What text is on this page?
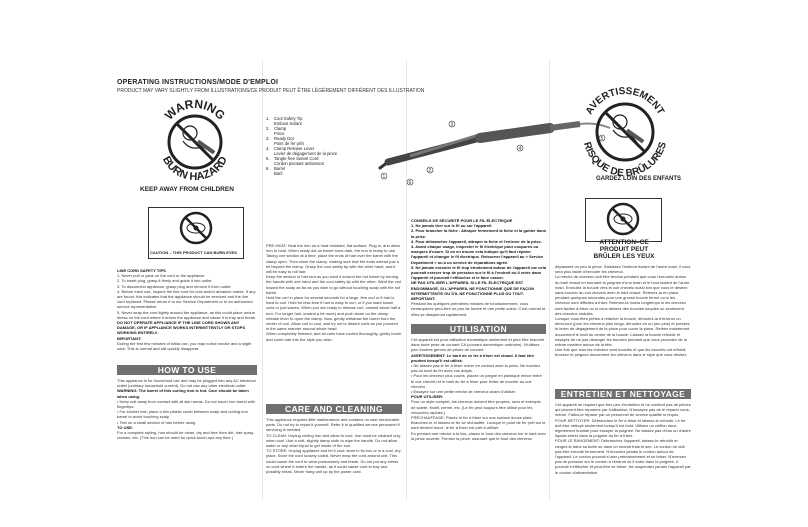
OPERATING INSTRUCTIONS/MODE D'EMPLOI
PRODUCT MAY VARY SLIGHTLY FROM ILLUSTRATIONS/CE PRODUIT PEUT ÊTRE LÉGÈREMENT DIFFÉRENT DES ILLUSTRATION
WARNING
BURN HAZARD
KEEP AWAY FROM CHILDREN
CAUTION – THIS PRODUCT CAN BURN EYES
LINE CORD SAFETY TIPS
1. Never pull or yank on the cord or the appliance.
2. To insert plug, grasp it firmly and guide it into outlet.
3. To disconnect appliance, grasp plug and remove it from outlet.
4. Before each use, inspect the line cord for cuts and/or abrasion marks. If any are found, this indicates that the appliance should be serviced and the line cord replaced. Please return it to our Service Department or to an authorized service representative.
5. Never wrap the cord tightly around the appliance, as this could place undue stress on the cord where it enters the appliance and cause it to fray and break.
DO NOT OPERATE APPLIANCE IF THE LINE CORD SHOWS ANY DAMAGE, OR IF APPLIANCE WORKS INTERMITTENTLY OR STOPS WORKING ENTIRELY.
IMPORTANT:
During the first few minutes of initial use, you may notice smoke and a slight odor. This is normal and will quickly disappear.
HOW TO USE
This appliance is for household use and may be plugged into any AC electrical outlet (ordinary household current). Do not use any other electrical outlet.
WARNING: The barrel of this curling iron is hot. Care should be taken when using.
• Keep unit away from contact with all skin areas. Do not touch iron barrel with fingertips.
• For shorter hair, place a thin plastic comb between scalp and curling iron barrel to avoid touching scalp.
• Test on a small section of hair before using.
TO USE:
For a complete styling, hair should be clean, dry and free from dirt, hair spray, creams, etc. (This iron can be used for quick touch-ups any time.)
1.	Cool Safety Tip
Embout isolant
2.	Clamp
Pince
3.	Ready Dot
Point de fer prêt
4.	Clamp Release Lever
Levier de dégagement de la pince
5.	Tangle-free Swivel Cord
Cordon pivotant antitorsion
6.	Barrel
Baril
1
2
3
4
5
6
PRE-HEAT: Heat the iron on a heat resistant, flat surface. Plug in, and allow iron to heat. When ready dot on barrel turns dark, the iron is ready to use.
Taking one section at a time, place the ends of hair over the barrel with the clamp open. Then close the clamp, making sure that the ends extend just a bit beyond the clamp. Grasp the cool safety tip with the other hand, and it will be easy to roll hair.
Keep the section of hair taut as you wind it around the hot barrel by turning the handle with one hand and the cool safety tip with the other. Wind the curl toward the scalp as far as you wish to go without touching scalp with the hot barrel.
Hold the curl in place for several seconds for a large, firm curl or if hair is hard to curl. Hold for less time if hair is easy to curl, or if you want looser curls or just waves. When you are ready to release curl, unwind about half a turn. For longer hair, unwind a bit more) and push down on the clamp release lever to open the clamp. Now, gently withdraw the barrel from the center of curl. Allow curl to cool, and try not to disturb curls as you proceed in the same manner around whole head.
When completely finished, and all curls have cooled thoroughly, gently brush and comb hair into the style you wish.
CARE AND CLEANING
This appliance requires little maintenance and contains no user serviceable parts. Do not try to repair it yourself. Refer it to qualified service personnel if servicing is needed.
TO CLEAN: Unplug curling iron and allow to cool. Iron must be cleaned only when cool. Use a soft, slightly damp cloth to wipe the handle. Do not allow water or any other liquid to get inside of the iron.
TO STORE: Unplug appliance and let it cool; store in its box or in a cool, dry place. Store the cord loosely coiled. Never wrap the cord around unit. This could cause the cord to wear prematurely and break. Do not put any stress on cord where it enters the handle, as it could cause cord to fray and possibly break. Never hang unit up by the power cord.
CONSEILS DE SÉCURITÉ POUR LE FIL ÉLECTRIQUE
1. Ne jamais tirer sur le fil ou sur l'appareil.
2. Pour brancher la fiche : Attraper fermement la fiche et la guider dans la prise.
3. Pour débrancher l'appareil, attraper la fiche et l'enlever de la prise.
4. Avant chaque usage, inspecter le fil électrique pour coupures ou marques d'usure. Si on en trouve cela indique qu'il faut réparer l'appareil et changer le fil électrique. Retourner l'appareil au « Service Department » ou à un service de réparations agréé.
5. Ne jamais enrouler le fil trop étroitement autour de l'appareil car cela pourrait exercer trop de pression sur le fil à l'endroit où il entre dans l'appareil et pourrait l'effilocher et le faire casser.
NE PAS UTILISER L'APPAREIL SI LE FIL ÉLECTRIQUE EST ENDOMMAGÉ, SI L'APPAREIL NE FONCTIONNE QUE DE FAÇON INTERMITTENTE OU S'IL NE FONCTIONNE PLUS DU TOUT.
IMPORTANT:
Pendant les quelques premières minutes de fonctionnement, vous remarquerez peut-être un peu de fumée et une petite odeur. C'est normal et elles se dissiperont rapidement.
UTILISATION
Cet appareil est pour utilisation domestique seulement et peut être branché dans toute prise de courant CA (courant domestique ordinaire). N'utilisez pas d'autres genres de prises de courant.
AVERTISSEMENT: Le baril de ce fer à friser est chaud. Il faut être prudent lorsqu'il est utilisé.
• Ne laissez pas le fer à friser entrer en contact avec la peau. Ne touchez pas au baril du fer avec vos doigts.
• Pour les cheveux plus courts, placez un peigne en plastique mince entre le cuir chevelu et le baril du fer à friser pour éviter de toucher au cuir chevelu.
• Essayez sur une petite mèche de cheveux avant d'utiliser.
POUR UTILISER:
Pour un style complet, les cheveux doivent être propres, secs et exempts de saleté, fixatif, crème, etc. (Le fer peut toujours être utilisé pour les retouches rapides.)
PRÉCHAUFFAGE: Placez le fer à friser sur une surface douce plate. Branchez-le et laissez-le fer se réchauffer. Lorsque le point de fer prêt sur le baril devient foncé, le fer à friser est prêt à utiliser.
En prenant une mèche à la fois, placez le bout des cheveux sur le baril avec la pince ouverte. Fermez la pince, assurant que le bout des cheveux
AVERTISSEMENT
RISQUE DE BRÛLURES
GARDEZ LOIN DES ENFANTS
ATTENTION–CE PRODUIT PEUT BRÛLER LES YEUX
dépassent un peu la pince. Saisissez l'embout isolant de l'autre main, il vous sera plus facile d'enrouler les cheveux.
La mèche de cheveux doit être tendue pendant que vous l'enroulez autour du baril chaud en tournant la poignée d'une main et le bout isolant de l'autre main. Enroulez la boucle vers le cuir chevelu aussi loin que vous le désirez sans toucher au cuir chevelu avec le baril chaud. Retenez-la en place pendant quelques secondes pour une grosse boucle ferme ou si les cheveux sont difficiles à friser. Retenez-la moins longtemps si les cheveux sont faciles à friser ou si vous désirez des boucles souples ou seulement des cheveux ondulés.
Lorsque vous êtes prêtes à relâcher la boucle, déroulez-la d'environ un demi-tour (pour les cheveux plus longs, déroulez-en un peu plus) et pressez le levier de dégagement de la pince pour ouvrir la pince. Retirez maintenant doucement le baril du centre de la boucle. Laissez la boucle refroidir et essayez de ne pas déranger les boucles pendant que vous procédez de la même manière autour de la tête.
Une fois que tous les cheveux sont bouclés et que les boucles ont refroidi, brossez et peignez doucement les cheveux dans le style que vous désirez.
ENTRETIEN ET NETTOYAGE
Cet appareil ne requiert que très peu d'entretien et ne contient pas de pièces qui peuvent être réparées par l'utilisateur. N'essayez pas de le réparer vous-même. Faites-le réparer par un personnel de service qualifié si requis.
POUR NETTOYER: Débranchez le fer à friser et laissez-le refroidir. Le fer doit être nettoyé seulement lorsqu'il est froid. Utilisez un chiffon doux, légèrement humide pour essuyer la poignée. Ne laissez pas d'eau ou d'autre liquide entrer dans la poignée du fer à friser.
POUR LE RANGEMENT: Débranchez l'appareil, laissez-le refroidir et rangez-le dans sa boîte ou dans un endroit frais et sec. Le cordon ne doit pas être enroulé fermement. N'enroulez jamais le cordon autour de l'appareil. Le cordon pourrait s'user prématurément et se briser. N'exercez pas de pression sur le cordon à l'endroit où il entre dans la poignée, il pourrait s'effilocher et peut-être se briser. Ne suspendez jamais l'appareil par le cordon d'alimentation.
